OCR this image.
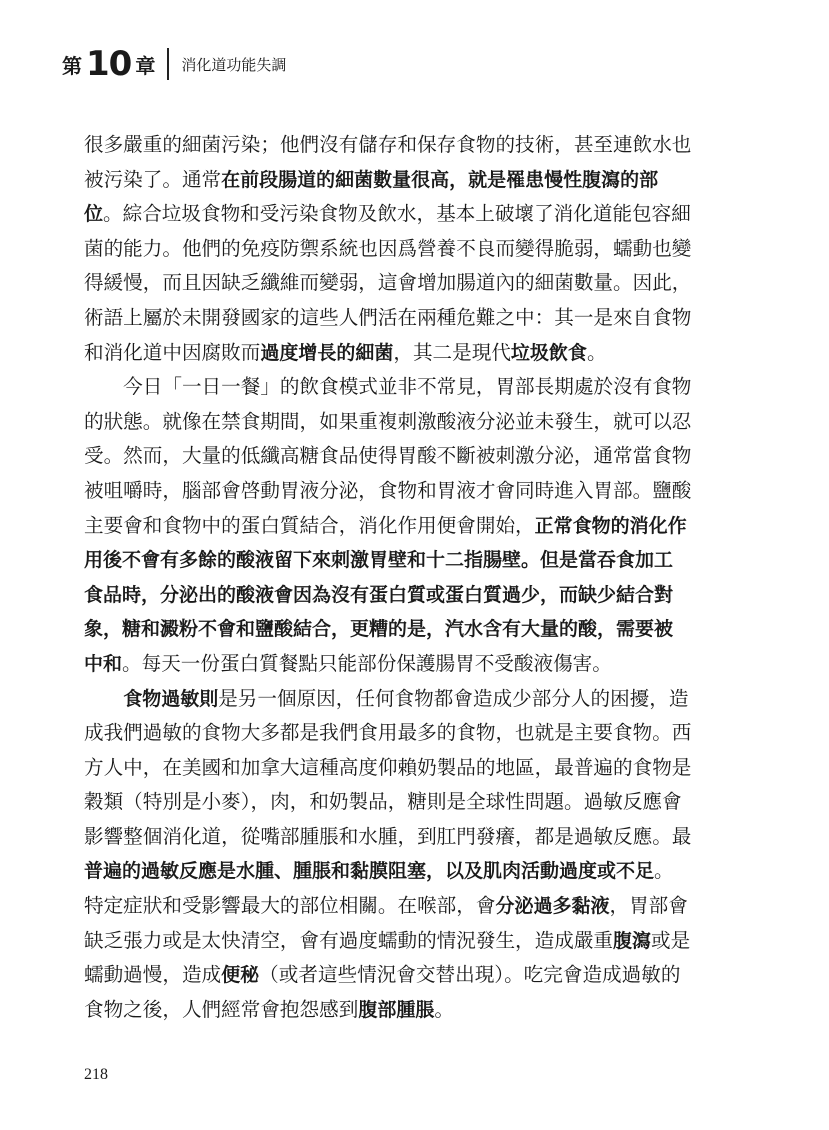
第 10 章 消化道功能失調
很多嚴重的細菌污染；他們沒有儲存和保存食物的技術，甚至連飲水也
被污染了。通常在前段腸道的細菌數量很高，就是罹患慢性腹瀉的部
位。綜合垃圾食物和受污染食物及飲水，基本上破壞了消化道能包容細
菌的能力。他們的免疫防禦系統也因爲營養不良而變得脆弱，蠕動也變
得緩慢，而且因缺乏纖維而變弱，這會增加腸道內的細菌數量。因此，
術語上屬於未開發國家的這些人們活在兩種危難之中：其一是來自食物
和消化道中因腐敗而過度增長的細菌，其二是現代垃圾飲食。
　　今日「一日一餐」的飲食模式並非不常見，胃部長期處於沒有食物
的狀態。就像在禁食期間，如果重複刺激酸液分泌並未發生，就可以忍
受。然而，大量的低纖高糖食品使得胃酸不斷被刺激分泌，通常當食物
被咀嚼時，腦部會啓動胃液分泌，食物和胃液才會同時進入胃部。鹽酸
主要會和食物中的蛋白質結合，消化作用便會開始，正常食物的消化作
用後不會有多餘的酸液留下來刺激胃壁和十二指腸壁。但是當吞食加工
食品時，分泌出的酸液會因為沒有蛋白質或蛋白質過少，而缺少結合對
象，糖和澱粉不會和鹽酸結合，更糟的是，汽水含有大量的酸，需要被
中和。每天一份蛋白質餐點只能部份保護腸胃不受酸液傷害。
　　食物過敏則是另一個原因，任何食物都會造成少部分人的困擾，造
成我們過敏的食物大多都是我們食用最多的食物，也就是主要食物。西
方人中，在美國和加拿大這種高度仰賴奶製品的地區，最普遍的食物是
穀類（特別是小麥），肉，和奶製品，糖則是全球性問題。過敏反應會
影響整個消化道，從嘴部腫脹和水腫，到肛門發癢，都是過敏反應。最
普遍的過敏反應是水腫、腫脹和黏膜阻塞，以及肌肉活動過度或不足。
特定症狀和受影響最大的部位相關。在喉部，會分泌過多黏液，胃部會
缺乏張力或是太快清空，會有過度蠕動的情況發生，造成嚴重腹瀉或是
蠕動過慢，造成便秘（或者這些情況會交替出現）。吃完會造成過敏的
食物之後，人們經常會抱怨感到腹部腫脹。
218
